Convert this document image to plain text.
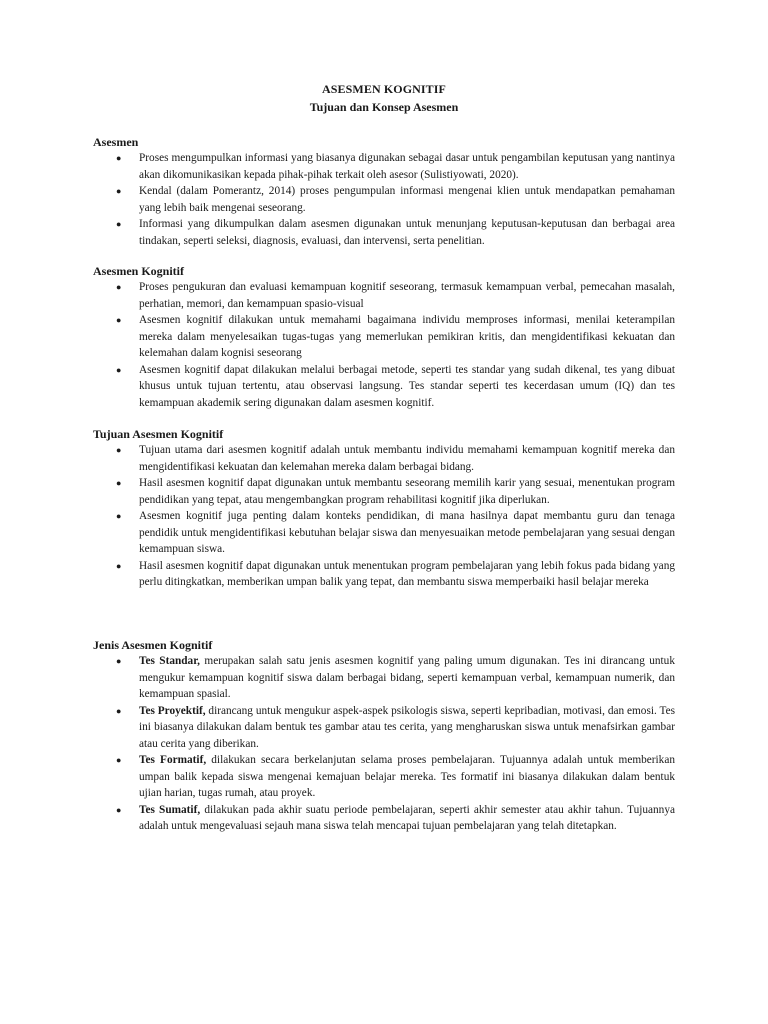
ASESMEN KOGNITIF
Tujuan dan Konsep Asesmen

Asesmen

● Proses mengumpulkan informasi yang biasanya digunakan sebagai dasar untuk pengambilan keputusan yang nantinya akan dikomunikasikan kepada pihak-pihak terkait oleh asesor (Sulistiyowati, 2020).
● Kendal (dalam Pomerantz, 2014) proses pengumpulan informasi mengenai klien untuk mendapatkan pemahaman yang lebih baik mengenai seseorang.
● Informasi yang dikumpulkan dalam asesmen digunakan untuk menunjang keputusan-keputusan dan berbagai area tindakan, seperti seleksi, diagnosis, evaluasi, dan intervensi, serta penelitian.

Asesmen Kognitif

● Proses pengukuran dan evaluasi kemampuan kognitif seseorang, termasuk kemampuan verbal, pemecahan masalah, perhatian, memori, dan kemampuan spasio-visual
● Asesmen kognitif dilakukan untuk memahami bagaimana individu memproses informasi, menilai keterampilan mereka dalam menyelesaikan tugas-tugas yang memerlukan pemikiran kritis, dan mengidentifikasi kekuatan dan kelemahan dalam kognisi seseorang
● Asesmen kognitif dapat dilakukan melalui berbagai metode, seperti tes standar yang sudah dikenal, tes yang dibuat khusus untuk tujuan tertentu, atau observasi langsung. Tes standar seperti tes kecerdasan umum (IQ) dan tes kemampuan akademik sering digunakan dalam asesmen kognitif.

Tujuan Asesmen Kognitif

● Tujuan utama dari asesmen kognitif adalah untuk membantu individu memahami kemampuan kognitif mereka dan mengidentifikasi kekuatan dan kelemahan mereka dalam berbagai bidang.
● Hasil asesmen kognitif dapat digunakan untuk membantu seseorang memilih karir yang sesuai, menentukan program pendidikan yang tepat, atau mengembangkan program rehabilitasi kognitif jika diperlukan.
● Asesmen kognitif juga penting dalam konteks pendidikan, di mana hasilnya dapat membantu guru dan tenaga pendidik untuk mengidentifikasi kebutuhan belajar siswa dan menyesuaikan metode pembelajaran yang sesuai dengan kemampuan siswa.
● Hasil asesmen kognitif dapat digunakan untuk menentukan program pembelajaran yang lebih fokus pada bidang yang perlu ditingkatkan, memberikan umpan balik yang tepat, dan membantu siswa memperbaiki hasil belajar mereka

Jenis Asesmen Kognitif

● Tes Standar, merupakan salah satu jenis asesmen kognitif yang paling umum digunakan. Tes ini dirancang untuk mengukur kemampuan kognitif siswa dalam berbagai bidang, seperti kemampuan verbal, kemampuan numerik, dan kemampuan spasial.
● Tes Proyektif, dirancang untuk mengukur aspek-aspek psikologis siswa, seperti kepribadian, motivasi, dan emosi. Tes ini biasanya dilakukan dalam bentuk tes gambar atau tes cerita, yang mengharuskan siswa untuk menafsirkan gambar atau cerita yang diberikan.
● Tes Formatif, dilakukan secara berkelanjutan selama proses pembelajaran. Tujuannya adalah untuk memberikan umpan balik kepada siswa mengenai kemajuan belajar mereka. Tes formatif ini biasanya dilakukan dalam bentuk ujian harian, tugas rumah, atau proyek.
● Tes Sumatif, dilakukan pada akhir suatu periode pembelajaran, seperti akhir semester atau akhir tahun. Tujuannya adalah untuk mengevaluasi sejauh mana siswa telah mencapai tujuan pembelajaran yang telah ditetapkan.
